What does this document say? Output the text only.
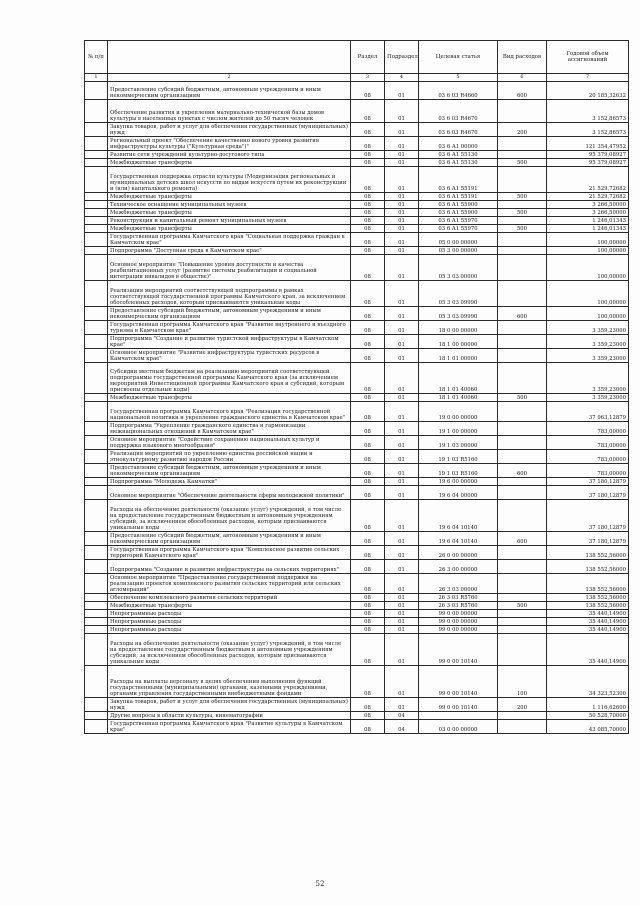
№ п/п		Раздел	Подраздел	Целевая статья	Вид расходов	Годовой объем ассигнований
1	2	3	4	5	6	7
	Предоставление субсидий бюджетным, автономным учреждениям и иным некоммерческим организациям	08	01	03 6 03 R4660	600	20 185,32632
	Обеспечение развития и укрепления материально-технической базы домов культуры в населенных пунктах с числом жителей до 50 тысяч человек	08	01	03 6 03 R4670		3 152,86573
	Закупка товаров, работ и услуг для обеспечения государственных (муниципальных) нужд	08	01	03 6 03 R4670	200	3 152,86573
	Региональный проект "Обеспечение качественно нового уровня развития инфраструктуры культуры ("Культурная среда")"	08	01	03 6 A1 00000		121 354,47952
	Развитие сети учреждений культурно-досугового типа	08	01	03 6 A1 55130		95 379,08927
	Межбюджетные трансферты	08	01	03 6 A1 55130	500	95 379,08927
	Государственная поддержка отрасли культуры (Модернизация региональных и муниципальных детских школ искусств по видам искусств путем их реконструкции и (или) капитального ремонта)	08	01	03 6 A1 55191		21 529,72682
	Межбюджетные трансферты	08	01	03 6 A1 55191	500	21 529,72682
	Техническое оснащение муниципальных музеев	08	01	03 6 A1 55900		3 266,50000
	Межбюджетные трансферты	08	01	03 6 A1 55900	500	3 266,50000
	Реконструкция и капитальный ремонт муниципальных музеев	08	01	03 6 A1 55970		1 246,01343
	Межбюджетные трансферты	08	01	03 6 A1 55970	500	1 246,01343
	Государственная программа Камчатского края "Социальная поддержка граждан в Камчатском крае"	08	01	05 0 00 00000		100,00000
	Подпрограмма "Доступная среда в Камчатском крае"	08	01	05 3 00 00000		100,00000
	Основное мероприятие "Повышение уровня доступности и качества реабилитационных услуг (развитие системы реабилитации и социальной интеграции инвалидов в обществе)"	08	01	05 3 03 00000		100,00000
	Реализация мероприятий соответствующей подпрограммы в рамках соответствующей государственной программы Камчатского края, за исключением обособленных расходов, которым присваиваются уникальные коды	08	01	05 3 03 09990		100,00000
	Предоставление субсидий бюджетным, автономным учреждениям и иным некоммерческим организациям	08	01	05 3 03 09990	600	100,00000
	Государственная программа Камчатского края "Развитие внутреннего и въездного туризма в Камчатском крае"	08	01	18 0 00 00000		3 359,23000
	Подпрограмма "Создание и развитие туристской инфраструктуры в Камчатском крае"	08	01	18 1 00 00000		3 359,23000
	Основное мероприятие "Развитие инфраструктуры туристских ресурсов в Камчатском крае"	08	01	18 1 01 00000		3 359,23000
	Субсидии местным бюджетам на реализацию мероприятий соответствующей подпрограммы государственной программы Камчатского края (за исключением мероприятий Инвестиционной программы Камчатского края и субсидий, которым присвоены отдельные коды)	08	01	18 1 01 40060		3 359,23000
	Межбюджетные трансферты	08	01	18 1 01 40060	500	3 359,23000
	Государственная программа Камчатского края "Реализация государственной национальной политики и укрепление гражданского единства в Камчатском крае"	08	01	19 0 00 00000		37 963,12879
	Подпрограмма "Укрепление гражданского единства и гармонизации межнациональных отношений в Камчатском крае"	08	01	19 1 00 00000		783,00000
	Основное мероприятие "Содействие сохранению национальных культур и поддержка языкового многообразия"	08	01	19 1 03 00000		783,00000
	Реализация мероприятий по укреплению единства российской нации и этнокультурному развитию народов России	08	01	19 1 03 R5160		783,00000
	Предоставление субсидий бюджетным, автономным учреждениям и иным некоммерческим организациям	08	01	19 1 03 R5160	600	783,00000
	Подпрограмма "Молодежь Камчатки"	08	01	19 6 00 00000		37 180,12879
	Основное мероприятие "Обеспечение деятельности сферы молодежной политики"	08	01	19 6 04 00000		37 180,12879
	Расходы на обеспечение деятельности (оказание услуг) учреждений, в том числе на предоставление государственным бюджетным и автономным учреждениям субсидий, за исключением обособленных расходов, которым присваиваются уникальные коды	08	01	19 6 04 10140		37 180,12879
	Предоставление субсидий бюджетным, автономным учреждениям и иным некоммерческим организациям	08	01	19 6 04 10140	600	37 180,12879
	Государственная программа Камчатского края "Комплексное развитие сельских территорий Камчатского края"	08	01	26 0 00 00000		138 552,56000
	Подпрограмма "Создание и развитие инфраструктуры на сельских территориях"	08	01	26 3 00 00000		138 552,56000
	Основное мероприятие "Предоставление государственной поддержки на реализацию проектов комплексного развития сельских территорий или сельских агломераций"	08	01	26 3 03 00000		138 552,56000
	Обеспечение комплексного развития сельских территорий	08	01	26 3 03 R5760		138 552,56000
	Межбюджетные трансферты	08	01	26 3 03 R5760	500	138 552,56000
	Непрограммные расходы	08	01	99 0 00 00000		35 440,14900
	Непрограммные расходы	08	01	99 0 00 00000		35 440,14900
	Непрограммные расходы	08	01	99 0 00 00000		35 440,14900
	Расходы на обеспечение деятельности (оказание услуг) учреждений, в том числе на предоставление государственным бюджетным и автономным учреждениям субсидий, за исключением обособленных расходов, которым присваиваются уникальные коды	08	01	99 0 00 10140		35 440,14900
	Расходы на выплаты персоналу в целях обеспечения выполнения функций государственными (муниципальными) органами, казенными учреждениями, органами управления государственными внебюджетными фондами	08	01	99 0 00 10140	100	34 323,52300
	Закупка товаров, работ и услуг для обеспечения государственных (муниципальных) нужд	08	01	99 0 00 10140	200	1 116,62600
	Другие вопросы в области культуры, кинематографии	08	04			50 528,70000
	Государственная программа Камчатского края "Развитие культуры в Камчатском крае"	08	04	03 0 00 00000		43 085,70000
52
